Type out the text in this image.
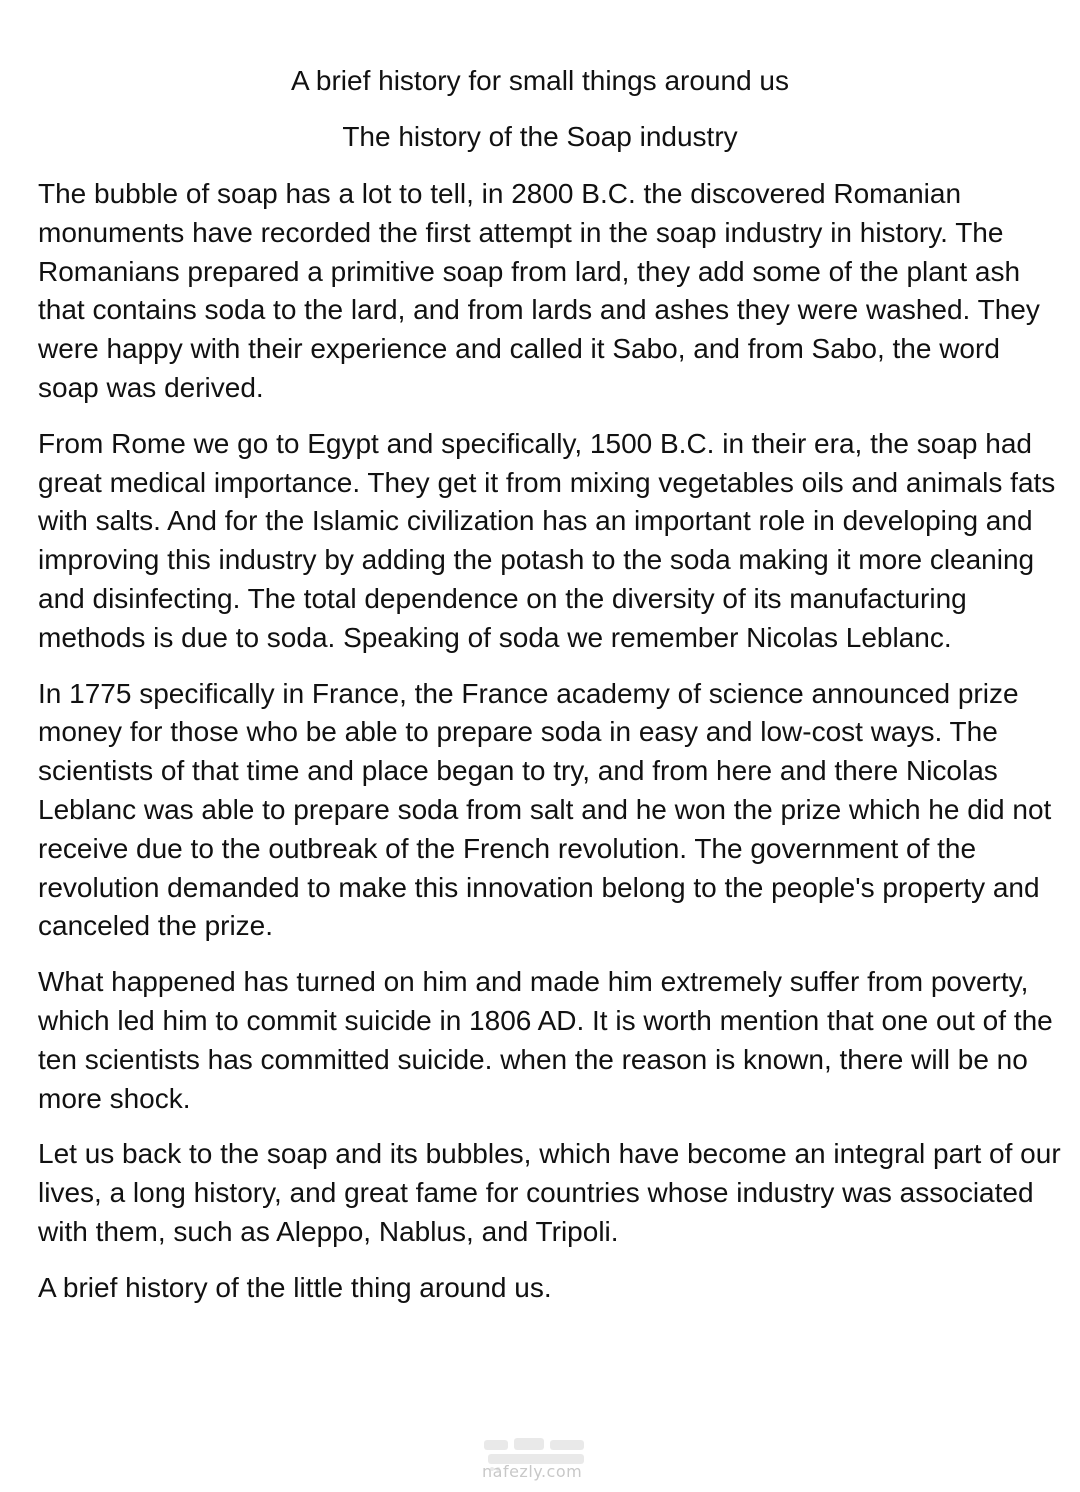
A brief history for small things around us
The history of the Soap industry

The bubble of soap has a lot to tell, in 2800 B.C. the discovered Romanian monuments have recorded the first attempt in the soap industry in history. The Romanians prepared a primitive soap from lard, they add some of the plant ash that contains soda to the lard, and from lards and ashes they were washed. They were happy with their experience and called it Sabo, and from Sabo, the word soap was derived.

From Rome we go to Egypt and specifically, 1500 B.C. in their era, the soap had great medical importance. They get it from mixing vegetables oils and animals fats with salts. And for the Islamic civilization has an important role in developing and improving this industry by adding the potash to the soda making it more cleaning and disinfecting. The total dependence on the diversity of its manufacturing methods is due to soda. Speaking of soda we remember Nicolas Leblanc.

In 1775 specifically in France, the France academy of science announced prize money for those who be able to prepare soda in easy and low-cost ways. The scientists of that time and place began to try, and from here and there Nicolas Leblanc was able to prepare soda from salt and he won the prize which he did not receive due to the outbreak of the French revolution. The government of the revolution demanded to make this innovation belong to the people's property and canceled the prize.

What happened has turned on him and made him extremely suffer from poverty, which led him to commit suicide in 1806 AD. It is worth mention that one out of the ten scientists has committed suicide. when the reason is known, there will be no more shock.

Let us back to the soap and its bubbles, which have become an integral part of our lives, a long history, and great fame for countries whose industry was associated with them, such as Aleppo, Nablus, and Tripoli.

A brief history of the little thing around us.

nafezly.com
